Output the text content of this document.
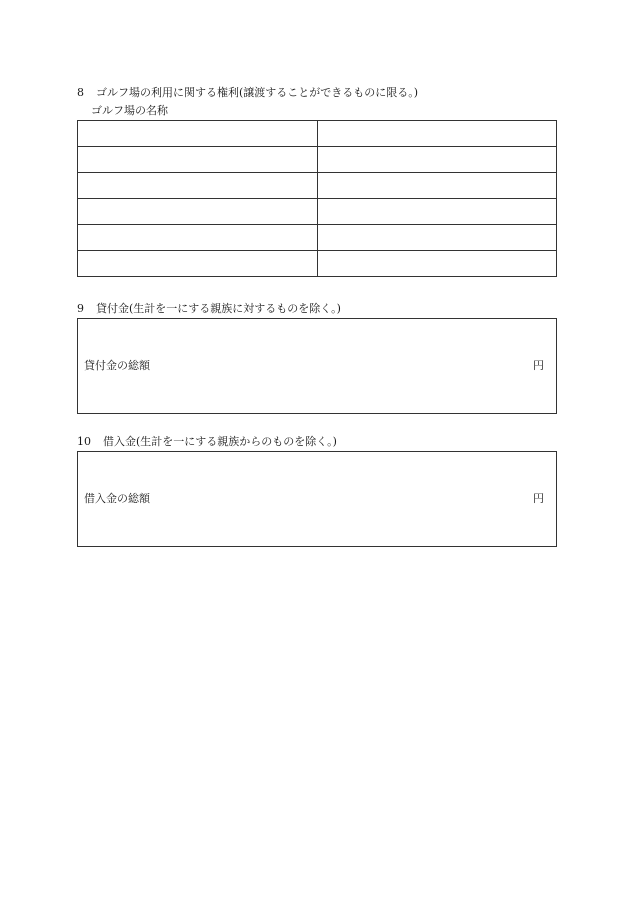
8 ゴルフ場の利用に関する権利(譲渡することができるものに限る。)
ゴルフ場の名称

9 貸付金(生計を一にする親族に対するものを除く。)
貸付金の総額	円
10 借入金(生計を一にする親族からのものを除く。)
借入金の総額	円
